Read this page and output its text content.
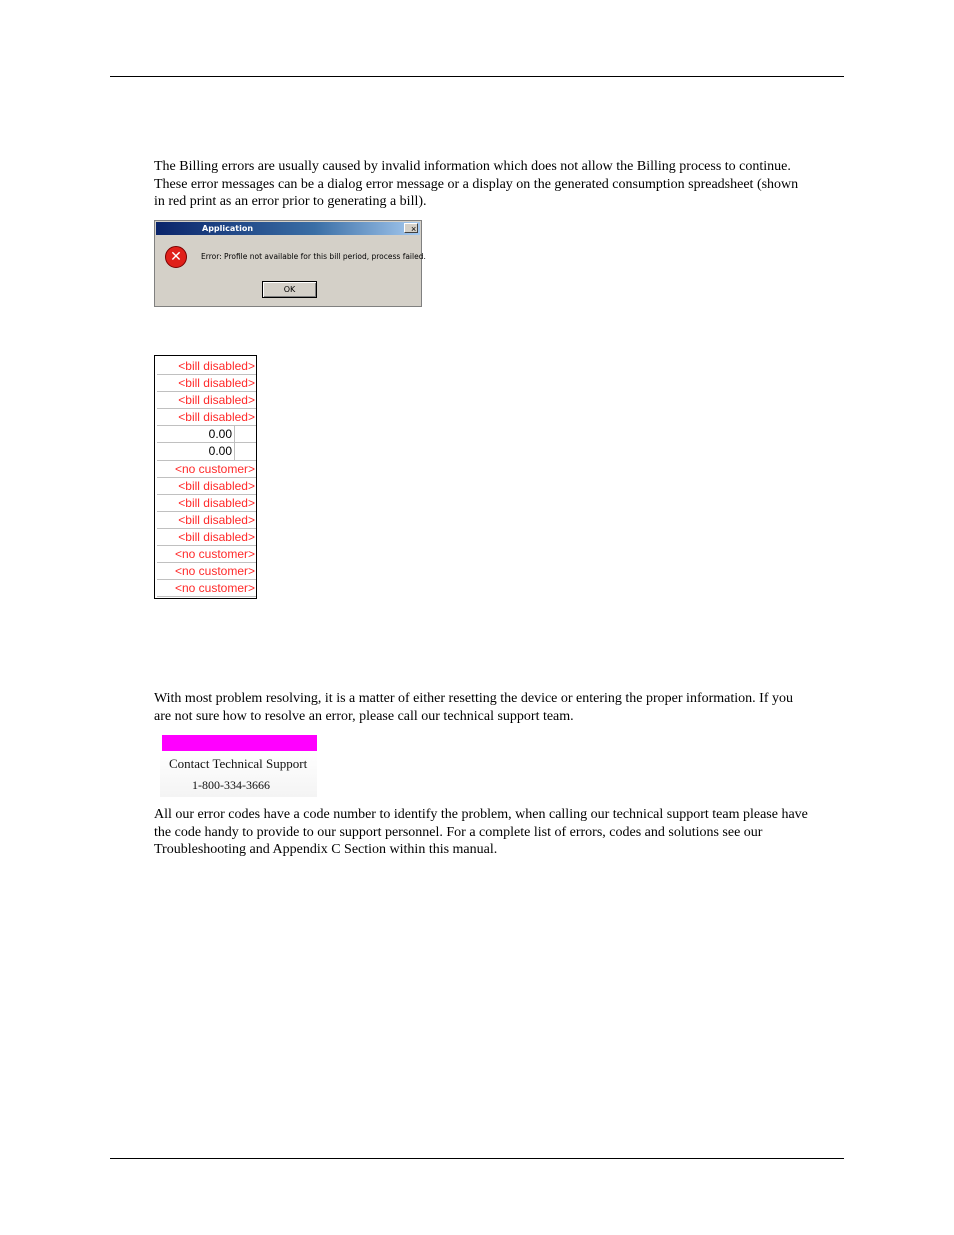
The Billing errors are usually caused by invalid information which does not allow the Billing process to continue.
These error messages can be a dialog error message or a display on the generated consumption spreadsheet (shown
in red print as an error prior to generating a bill).

Application	×
✕	Error: Profile not available for this bill period, process failed.
OK
<bill disabled>
<bill disabled>
<bill disabled>
<bill disabled>
0.00
0.00
<no customer>
<bill disabled>
<bill disabled>
<bill disabled>
<bill disabled>
<no customer>
<no customer>
<no customer>

With most problem resolving, it is a matter of either resetting the device or entering the proper information. If you
are not sure how to resolve an error, please call our technical support team.

Contact Technical Support
1-800-334-3666

All our error codes have a code number to identify the problem, when calling our technical support team please have
the code handy to provide to our support personnel. For a complete list of errors, codes and solutions see our
Troubleshooting and Appendix C Section within this manual.
